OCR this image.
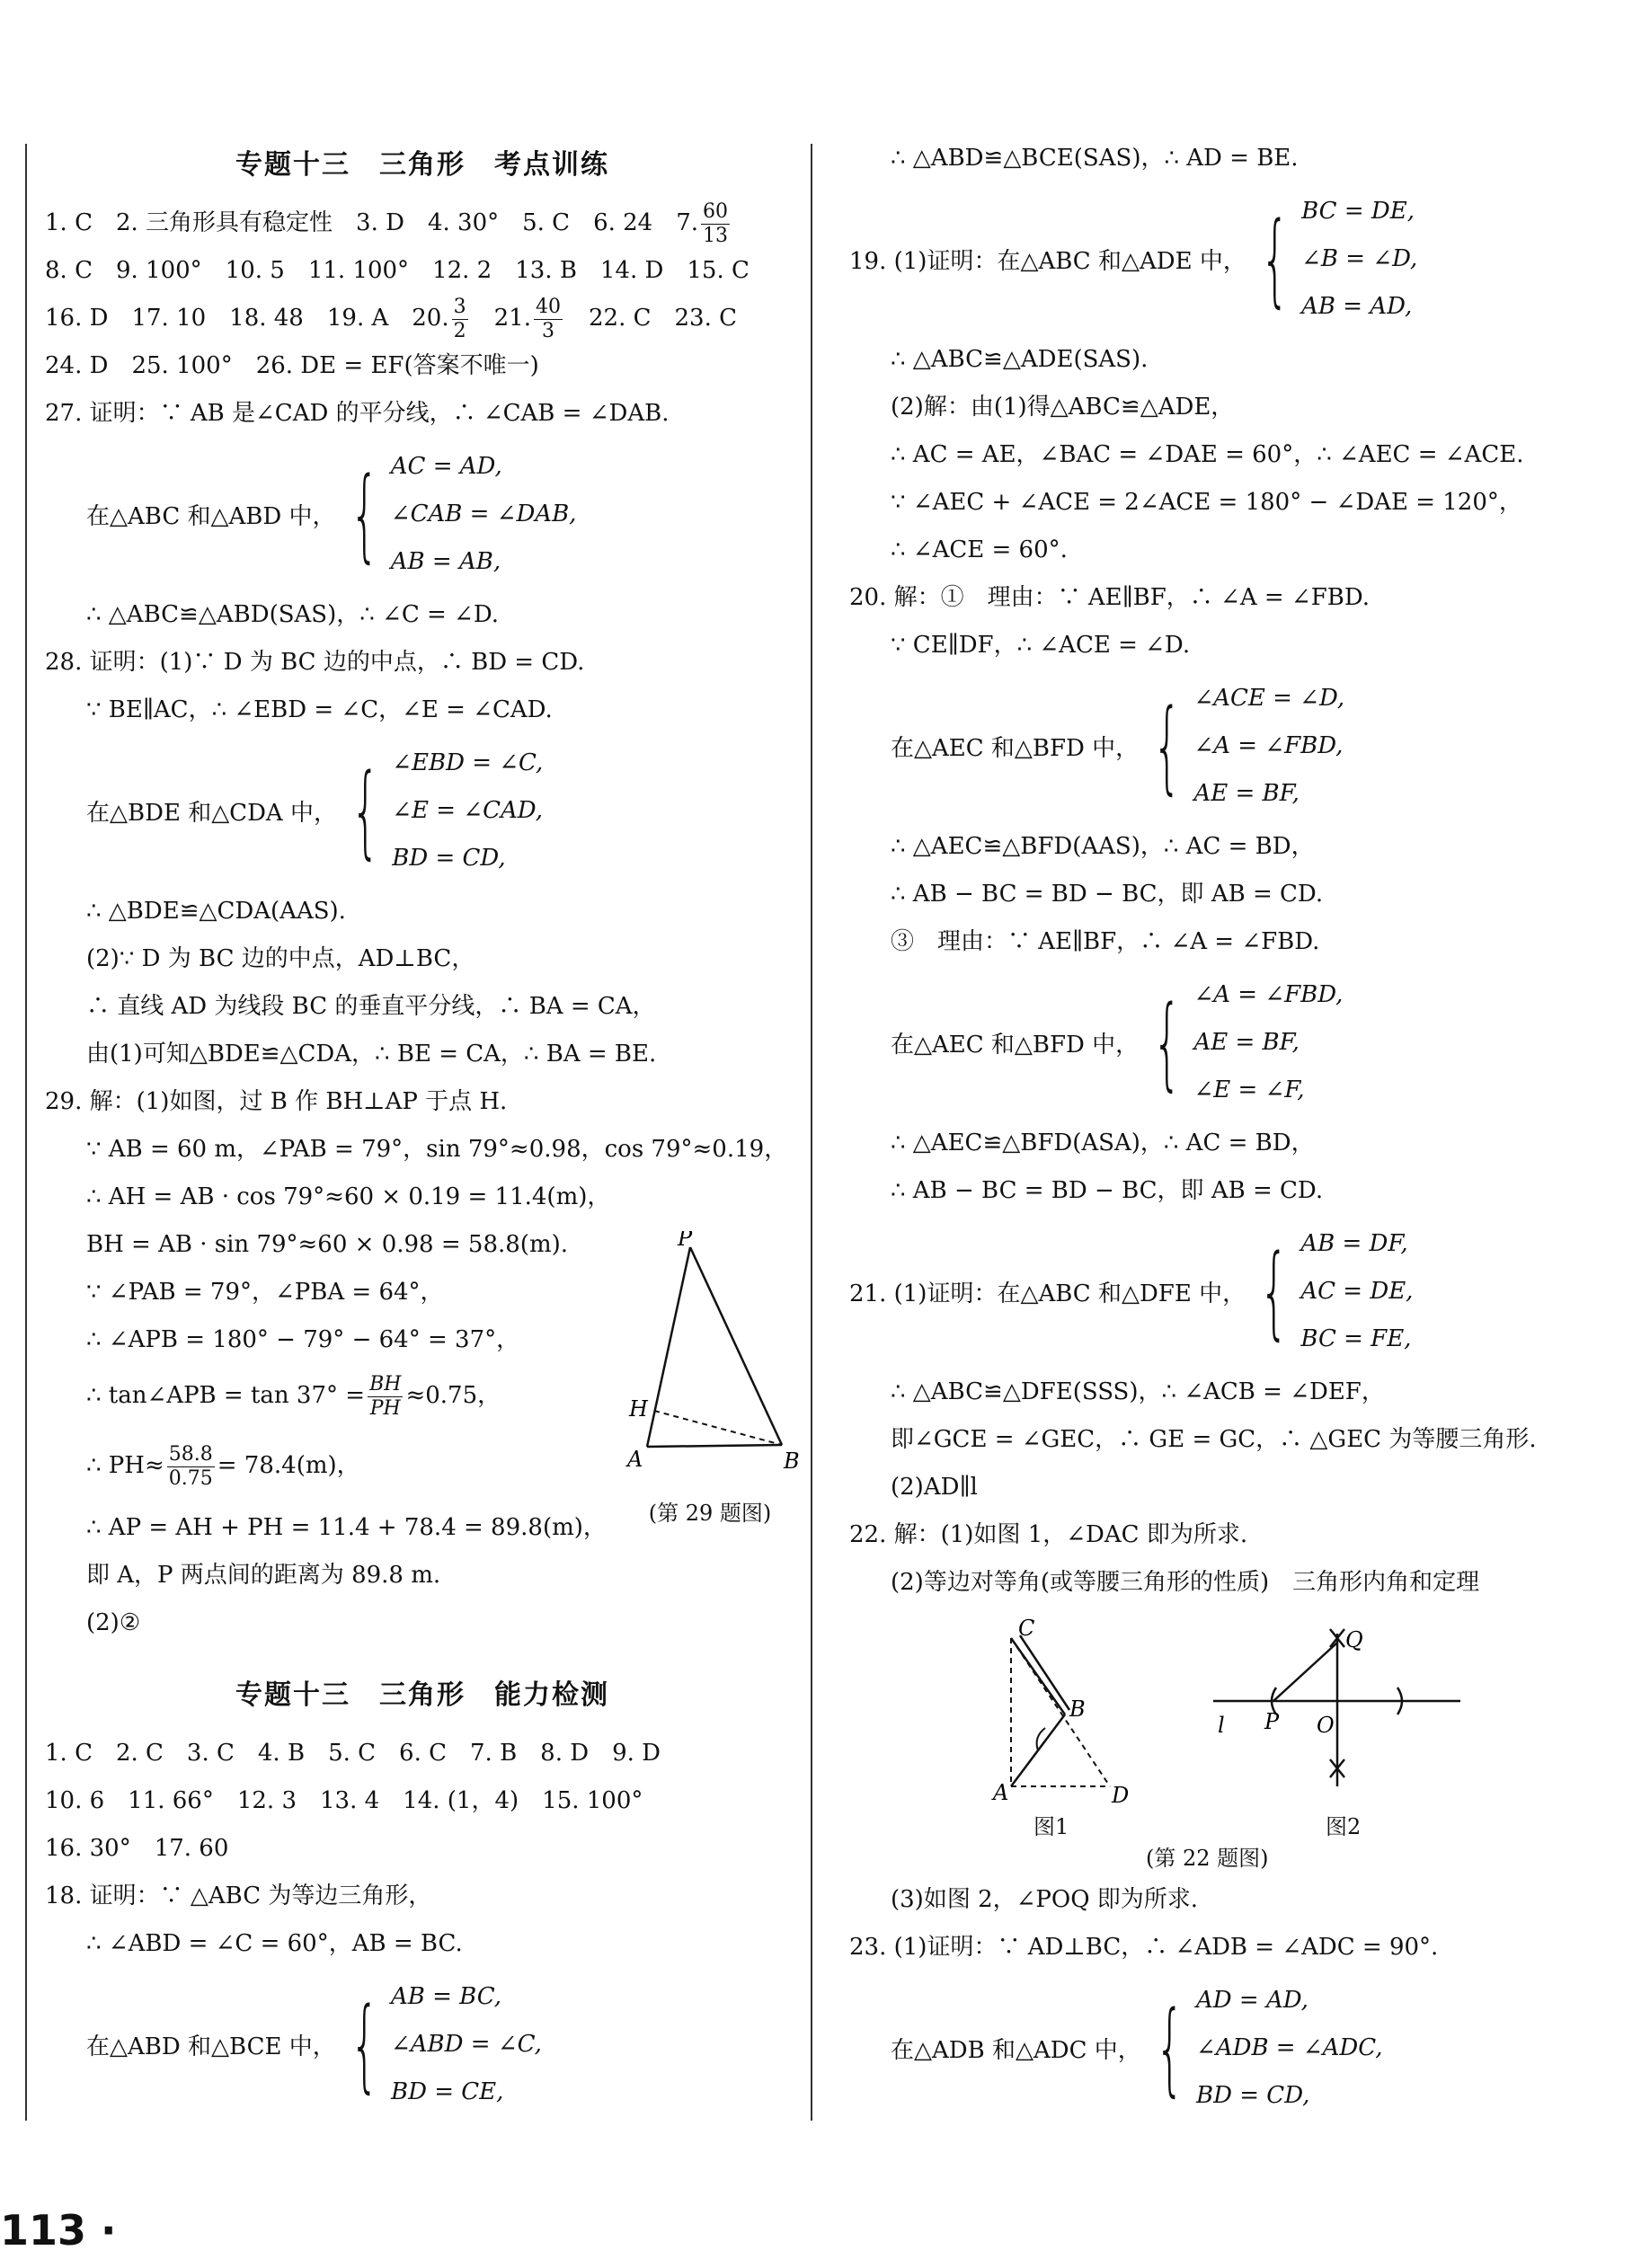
专题十三　三角形　考点训练
1. C　2. 三角形具有稳定性　3. D　4. 30°　5. C　6. 24　7. $\frac{60}{13}$
8. C　9. 100°　10. 5　11. 100°　12. 2　13. B　14. D　15. C
16. D　17. 10　18. 48　19. A　20. $\frac{3}{2}$
　 21. $\frac{40}{3}$
　 22. C　23. C
24. D　25. 100°　26. DE = EF(答案不唯一)
27. 证明：∵ AB 是∠CAD 的平分线，∴ ∠CAB = ∠DAB.
在△ABC 和△ABD 中， { AC = AD,
∠CAB = ∠DAB,
AB = AB,
∴ △ABC≌△ABD(SAS)，∴ ∠C = ∠D.
28. 证明：(1)∵ D 为 BC 边的中点，∴ BD = CD.
∵ BE∥AC，∴ ∠EBD = ∠C，∠E = ∠CAD.
在△BDE 和△CDA 中， { ∠EBD = ∠C,
∠E = ∠CAD,
BD = CD,
∴ △BDE≌△CDA(AAS).
(2)∵ D 为 BC 边的中点，AD⊥BC，
∴ 直线 AD 为线段 BC 的垂直平分线，∴ BA = CA，
由(1)可知△BDE≌△CDA，∴ BE = CA，∴ BA = BE.
29. 解：(1)如图，过 B 作 BH⊥AP 于点 H.
∵ AB = 60 m，∠PAB = 79°，sin 79°≈0.98，cos 79°≈0.19，
∴ AH = AB · cos 79°≈60 × 0.19 = 11.4(m)，
BH = AB · sin 79°≈60 × 0.98 = 58.8(m).
∵ ∠PAB = 79°，∠PBA = 64°，
∴ ∠APB = 180° − 79° − 64° = 37°，
∴ tan∠APB = $\tan 37^\circ = \frac{BH}{PH} \approx 0.75$，
∴ $PH\approx \frac{58.8}{0.75} = 78.4(m)$，
∴ AP = AH + PH = 11.4 + 78.4 = 89.8(m)，
即 A，P 两点间的距离为 89.8 m.
(2)②
P
H
A	B
(第 29 题图)
专题十三　三角形　能力检测
1. C　2. C　3. C　4. B　5. C　6. C　7. B　8. D　9. D
10. 6　11. 66°　12. 3　13. 4　14. (1，4)　15. 100°
16. 30°　17. 60
18. 证明：∵ △ABC 为等边三角形，
∴ ∠ABD = ∠C = 60°，AB = BC.
在△ABD 和△BCE 中， { AB = BC,
∠ABD = ∠C,
BD = CE,
∴ △ABD≌△BCE(SAS)，∴ AD = BE.
19. (1)证明：在△ABC 和△ADE 中， { BC = DE,
∠B = ∠D,
AB = AD,
∴ △ABC≌△ADE(SAS).
(2)解：由(1)得△ABC≌△ADE，
∴ AC = AE，∠BAC = ∠DAE = 60°，∴ ∠AEC = ∠ACE.
∵ ∠AEC + ∠ACE = 2∠ACE = 180° − ∠DAE = 120°，
∴ ∠ACE = 60°.
20. 解：①　理由：∵ AE∥BF，∴ ∠A = ∠FBD.
∵ CE∥DF，∴ ∠ACE = ∠D.
在△AEC 和△BFD 中， { ∠ACE = ∠D,
∠A = ∠FBD,
AE = BF,
∴ △AEC≌△BFD(AAS)，∴ AC = BD，
∴ AB − BC = BD − BC，即 AB = CD.
③　理由：∵ AE∥BF，∴ ∠A = ∠FBD.
在△AEC 和△BFD 中， { ∠A = ∠FBD,
AE = BF,
∠E = ∠F,
∴ △AEC≌△BFD(ASA)，∴ AC = BD，
∴ AB − BC = BD − BC，即 AB = CD.
21. (1)证明：在△ABC 和△DFE 中， { AB = DF,
AC = DE,
BC = FE,
∴ △ABC≌△DFE(SSS)，∴ ∠ACB = ∠DEF，
即∠GCE = ∠GEC，∴ GE = GC，∴ △GEC 为等腰三角形.
(2)AD∥l
22. 解：(1)如图 1，∠DAC 即为所求.
(2)等边对等角(或等腰三角形的性质)　三角形内角和定理
C
B
A	D
图1
Q
l P O
图2
(第 22 题图)
(3)如图 2，∠POQ 即为所求.
23. (1)证明：∵ AD⊥BC，∴ ∠ADB = ∠ADC = 90°.
在△ADB 和△ADC 中， { AD = AD,
∠ADB = ∠ADC,
BD = CD,
113 ·
